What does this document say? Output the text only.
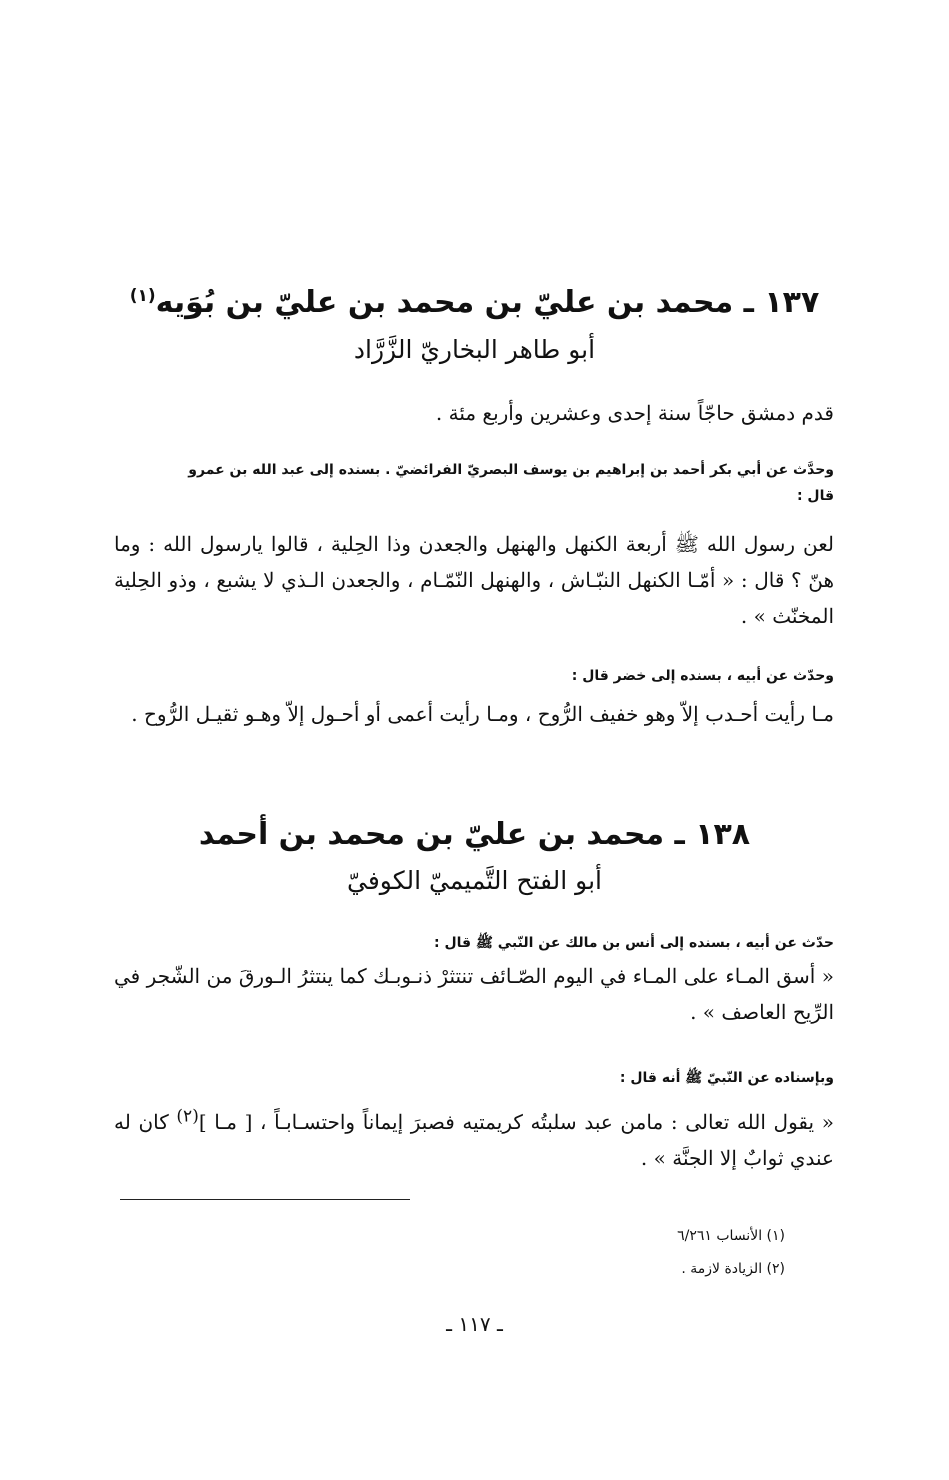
١٣٧ ـ محمد بن عليّ بن محمد بن عليّ بن بُوَيه$^{(١)}$
أبو طاهر البخاريّ الزَّرَّاد
قدم دمشق حاجّاً سنة إحدى وعشرين وأربع مئة .
وحدَّث عن أبي بكر أحمد بن إبراهيم بن يوسف البصريّ الفرائضيّ . بسنده إلى عبد الله بن عمرو
قال :
لعن رسول الله ﷺ أربعة الكنهل والهنهل والجعدن وذا الحِلية ، قالوا يارسول الله : وما هنّ ؟ قال : « أمّـا الكنهل النبّـاش ، والهنهل النّمّـام ، والجعدن الـذي لا يشبع ، وذو الحِلية المخنّث » .
وحدّث عن أبيه ، بسنده إلى خضر قال :
مـا رأيت أحـدب إلاّ وهو خفيف الرُّوح ، ومـا رأيت أعمى أو أحـول إلاّ وهـو ثقيـل الرُّوح .
١٣٨ ـ محمد بن عليّ بن محمد بن أحمد
أبو الفتح التَّميميّ الكوفيّ
حدّث عن أبيه ، بسنده إلى أنس بن مالك عن النّبي ﷺ قال :
« أسق المـاء على المـاء في اليوم الصّـائف تنتثرْ ذنـوبـك كما ينتثرُ الـورقَ من الشّجر في الرِّيح العاصف » .
وبإسناده عن النّبيّ ﷺ أنه قال :
« يقول الله تعالى : مامن عبد سلبتُه كريمتيه فصبرَ إيماناً واحتسـابـاً ، [ مـا ]$^{(٢)}$ كان له عندي ثوابٌ إلا الجنَّة » .
(١) الأنساب ٦/٢٦١
(٢) الزيادة لازمة .
ـ ١١٧ ـ
